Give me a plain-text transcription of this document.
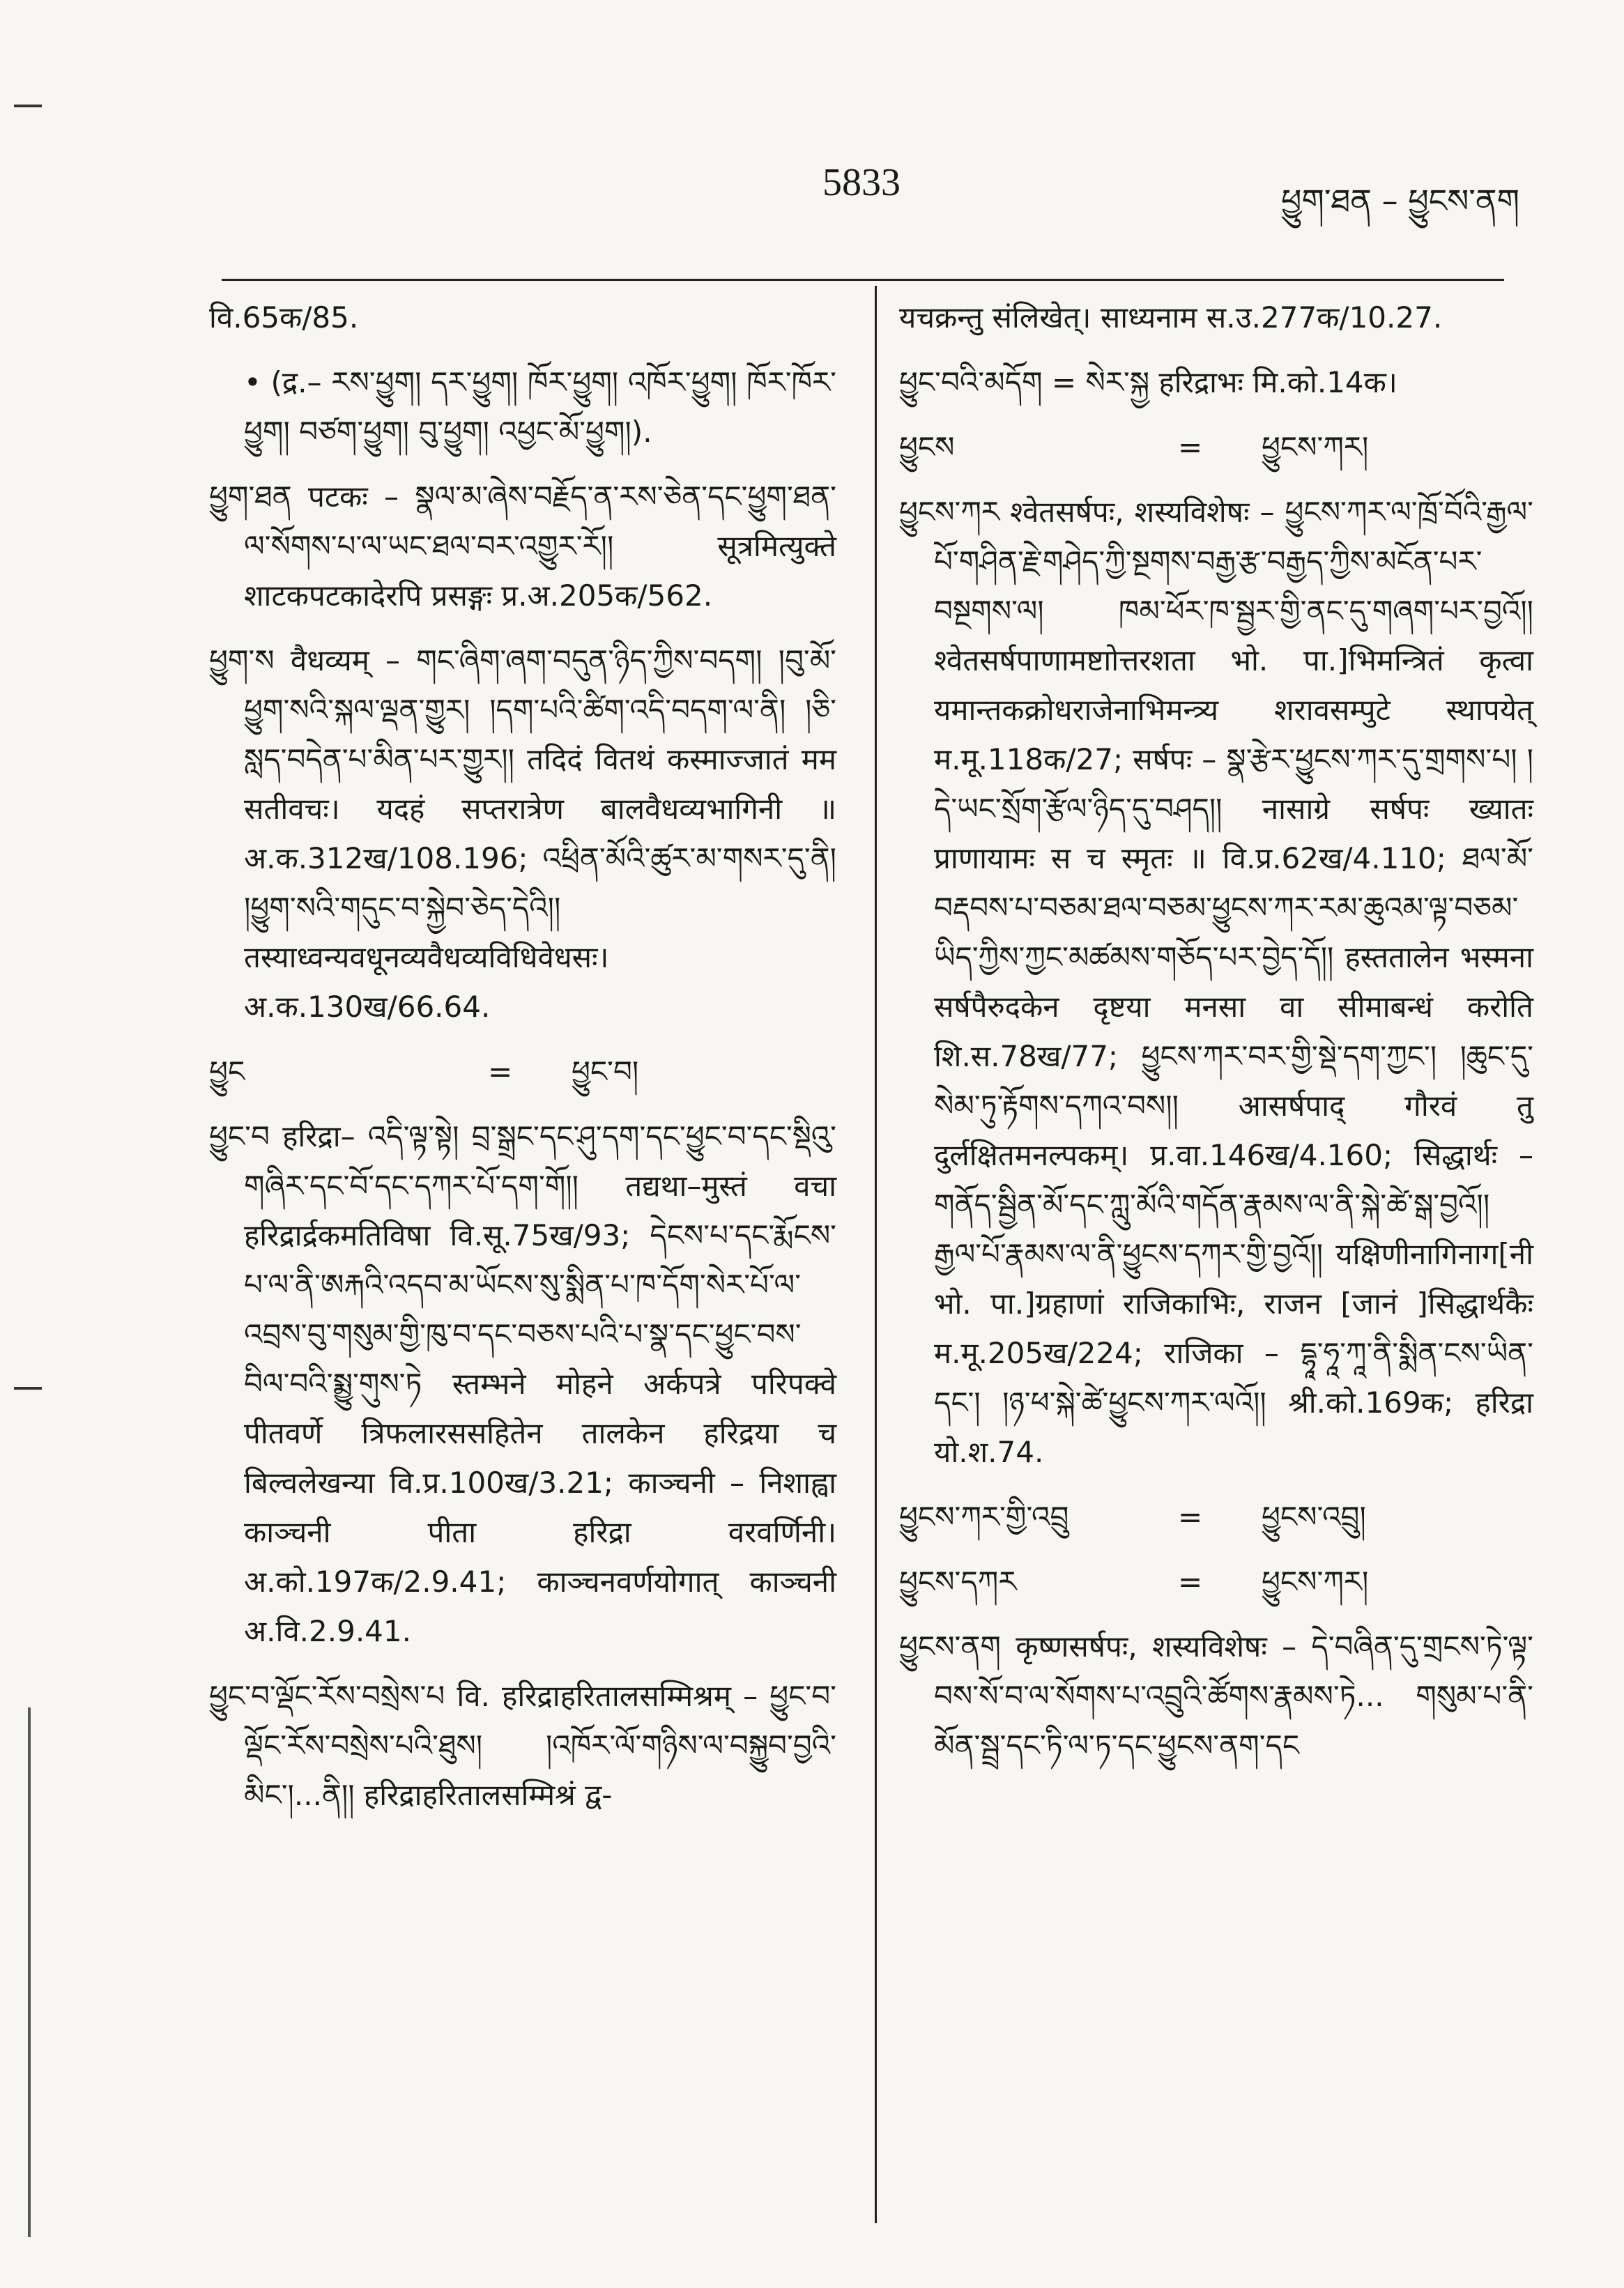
5833	ཕྱུག་ཐན – ཕྱུངས་ནག

वि.65क/85.

• (द्र.– རས་ཕྱུག། དར་ཕྱུག། ཁོར་ཕྱུག། འཁོར་ཕྱུག། ཁོར་ཁོར་ཕྱུག། བཙག་ཕྱུག། བུ་ཕྱུག། འཕྱང་མོ་ཕྱུག།).

ཕྱུག་ཐན पटकः – སྣལ་མ་ཞེས་བརྗོད་ན་རས་ཅེན་དང་ཕྱུག་ཐན་ལ་སོགས་པ་ལ་ཡང་ཐལ་བར་འགྱུར་རོ།། सूत्रमित्युक्ते शाटकपटकादेरपि प्रसङ्गः प्र.अ.205क/562.

ཕྱུག་ས वैधव्यम् – གང་ཞིག་ཞག་བདུན་ཉིད་ཀྱིས་བདག། །བུ་མོ་ཕྱུག་སའི་སྐལ་ལྡན་གྱུར། །དག་པའི་ཚིག་འདི་བདག་ལ་ནི། །ཅི་སླད་བདེན་པ་མིན་པར་གྱུར།། तदिदं वितथं कस्माज्जातं मम सतीवचः। यदहं सप्तरात्रेण बालवैधव्यभागिनी ॥ अ.क.312ख/108.196; འཕྲིན་མོའི་ཚུར་མ་གསར་དུ་ནི། །ཕྱུག་སའི་གདུང་བ་སྐྱེབ་ཅེད་དེའི།། तस्याध्वन्यवधूनव्यवैधव्यविधिवेधसः। अ.क.130ख/66.64.

ཕྱུང	=	ཕྱུང་བ།

ཕྱུང་བ हरिद्रा– འདི་ལྟ་སྟེ། བྲ་སྒྲང་དང་ཤུ་དག་དང་ཕྱུང་བ་དང་སྡིའུ་གཞིར་དང་བོ་དང་དཀར་པོ་དག་གོ།། तद्यथा–मुस्तं वचा हरिद्रार्द्रकमतिविषा वि.सू.75ख/93; དེངས་པ་དང་རྨོངས་པ་ལ་ནི་ཨརྐའི་འདབ་མ་ཡོངས་སུ་སྨིན་པ་ཁ་དོག་སེར་པོ་ལ་འབྲས་བུ་གསུམ་གྱི་ཁུ་བ་དང་བཅས་པའི་པ་སྣ་དང་ཕྱུང་བས་བིལ་བའི་སྨྱུ་གུས་ཏེ स्तम्भने मोहने अर्कपत्रे परिपक्वे पीतवर्णे त्रिफलारससहितेन तालकेन हरिद्रया च बिल्वलेखन्या वि.प्र.100ख/3.21; काञ्चनी – निशाह्वा काञ्चनी पीता हरिद्रा वरवर्णिनी। अ.को.197क/2.9.41; काञ्चनवर्णयोगात् काञ्चनी अ.वि.2.9.41.

ཕྱུང་བ་ལྡོང་རོས་བསྲེས་པ वि. हरिद्राहरितालसम्मिश्रम् – ཕྱུང་བ་ལྡོང་རོས་བསྲེས་པའི་ཐུས། །འཁོར་ལོ་གཉིས་ལ་བསྐྱུབ་བྱའི་མིང་།...ནི།། हरिद्राहरितालसम्मिश्रं द्व-

यचक्रन्तु संलिखेत्। साध्यनाम स.उ.277क/10.27.

ཕྱུང་བའི་མདོག = སེར་སྐྱ हरिद्राभः मि.को.14क।

ཕྱུངས	=	ཕྱུངས་ཀར།

ཕྱུངས་ཀར श्वेतसर्षपः, शस्यविशेषः – ཕྱུངས་ཀར་ལ་ཁྲོ་བོའི་རྒྱལ་པོ་གཤིན་རྗེ་གཤེད་ཀྱི་སྔགས་བརྒྱ་རྩ་བརྒྱད་ཀྱིས་མངོན་པར་བསྔགས་ལ། ཁམ་ཕོར་ཁ་སྦྱར་གྱི་ནང་དུ་གཞག་པར་བྱའོ།། श्वेतसर्षपाणामष्टाोत्तरशता भो. पा.]भिमन्त्रितं कृत्वा यमान्तकक्रोधराजेनाभिमन्त्र्य शरावसम्पुटे स्थापयेत् म.मू.118क/27; सर्षपः – སྣ་རྩེར་ཕྱུངས་ཀར་དུ་གྲགས་པ། །དེ་ཡང་སྲོག་རྩོལ་ཉིད་དུ་བཤད།། नासाग्रे सर्षपः ख्यातः प्राणायामः स च स्मृतः ॥ वि.प्र.62ख/4.110; ཐལ་མོ་བརྡབས་པ་བཅམ་ཐལ་བཅམ་ཕྱུངས་ཀར་རམ་ཆུའམ་ལྟ་བཅམ་ཡིད་ཀྱིས་ཀྱང་མཚམས་གཅོད་པར་བྱེད་དོ།། हस्ततालेन भस्मना सर्षपैरुदकेन दृष्टया मनसा वा सीमाबन्धं करोति शि.स.78ख/77; ཕྱུངས་ཀར་བར་གྱི་སྡེ་དག་ཀྱང་། །ཆུང་དུ་སེམ་ཏུ་རྟོགས་དཀའ་བས།། आसर्षपाद् गौरवं तु दुर्लक्षितमनल्पकम्। प्र.वा.146ख/4.160; सिद्धार्थः – གནོད་སྦྱིན་མོ་དང་ཀླུ་མོའི་གདོན་རྣམས་ལ་ནི་སྐེ་ཚེ་སྒ་བྱའོ།། རྒྱལ་པོ་རྣམས་ལ་ནི་ཕྱུངས་དཀར་གྱི་བྱའོ།། यक्षिणीनागिनाग[नी भो. पा.]ग्रहाणां राजिकाभिः, राजन [जानं ]सिद्धार्थकैः म.मू.205ख/224; राजिका – དྷཱ་ཧཱ་ཀཱ་ནི་སྨིན་ངས་ཡིན་དང་། །ཉ་ཕ་སྐེ་ཚེ་ཕྱུངས་ཀར་ལའོ།། श्री.को.169क; हरिद्रा यो.श.74.

ཕྱུངས་ཀར་གྱི་འབྲུ	=	ཕྱུངས་འབྲུ།
ཕྱུངས་དཀར	=	ཕྱུངས་ཀར།

ཕྱུངས་ནག कृष्णसर्षपः, शस्यविशेषः – དེ་བཞིན་དུ་གྲངས་ཏེ་ལྟ་བས་སོ་བ་ལ་སོགས་པ་འབྲུའི་ཚོགས་རྣམས་ཏེ... གསུམ་པ་ནི་མོན་སྦྲ་དང་ཏི་ལ་ཏ་དང་ཕྱུངས་ནག་དང
